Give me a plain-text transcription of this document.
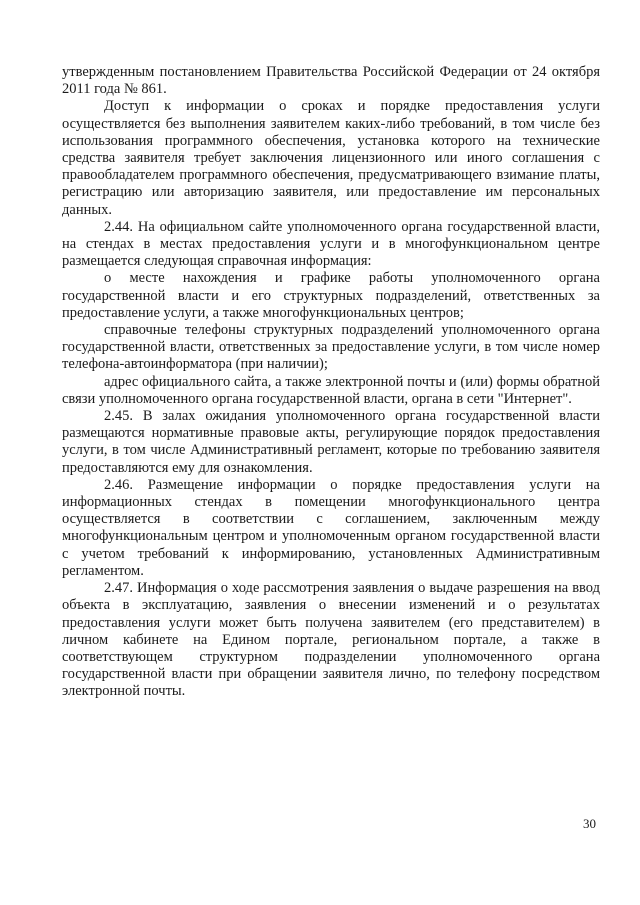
утвержденным постановлением Правительства Российской Федерации от 24 октября 2011 года № 861.

Доступ к информации о сроках и порядке предоставления услуги осуществляется без выполнения заявителем каких-либо требований, в том числе без использования программного обеспечения, установка которого на технические средства заявителя требует заключения лицензионного или иного соглашения с правообладателем программного обеспечения, предусматривающего взимание платы, регистрацию или авторизацию заявителя, или предоставление им персональных данных.

2.44. На официальном сайте уполномоченного органа государственной власти, на стендах в местах предоставления услуги и в многофункциональном центре размещается следующая справочная информация:

о месте нахождения и графике работы уполномоченного органа государственной власти и его структурных подразделений, ответственных за предоставление услуги, а также многофункциональных центров;

справочные телефоны структурных подразделений уполномоченного органа государственной власти, ответственных за предоставление услуги, в том числе номер телефона-автоинформатора (при наличии);

адрес официального сайта, а также электронной почты и (или) формы обратной связи уполномоченного органа государственной власти, органа в сети "Интернет".

2.45. В залах ожидания уполномоченного органа государственной власти размещаются нормативные правовые акты, регулирующие порядок предоставления услуги, в том числе Административный регламент, которые по требованию заявителя предоставляются ему для ознакомления.

2.46. Размещение информации о порядке предоставления услуги на информационных стендах в помещении многофункционального центра осуществляется в соответствии с соглашением, заключенным между многофункциональным центром и уполномоченным органом государственной власти с учетом требований к информированию, установленных Административным регламентом.

2.47. Информация о ходе рассмотрения заявления о выдаче разрешения на ввод объекта в эксплуатацию, заявления о внесении изменений и о результатах предоставления услуги может быть получена заявителем (его представителем) в личном кабинете на Едином портале, региональном портале, а также в соответствующем структурном подразделении уполномоченного органа государственной власти при обращении заявителя лично, по телефону посредством электронной почты.

30
